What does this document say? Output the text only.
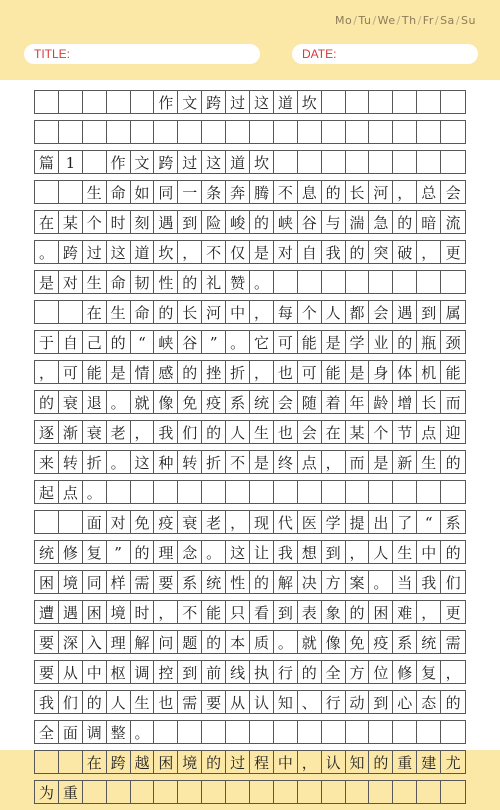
Mo/Tu/We/Th/Fr/Sa/Su
TITLE:	DATE:
作 文 跨 过 这 道 坎
篇 1	作 文 跨 过 这 道 坎
生 命 如 同 一 条 奔 腾 不 息 的 长 河 ， 总 会
在 某 个 时 刻 遇 到 险 峻 的 峡 谷 与 湍 急 的 暗 流
。 跨 过 这 道 坎 ， 不 仅 是 对 自 我 的 突 破 ， 更
是 对 生 命 韧 性 的 礼 赞 。
在 生 命 的 长 河 中 ， 每 个 人 都 会 遇 到 属
于 自 己 的 “ 峡 谷 ” 。 它 可 能 是 学 业 的 瓶 颈
， 可 能 是 情 感 的 挫 折 ， 也 可 能 是 身 体 机 能
的 衰 退 。 就 像 免 疫 系 统 会 随 着 年 龄 增 长 而
逐 渐 衰 老 ， 我 们 的 人 生 也 会 在 某 个 节 点 迎
来 转 折 。 这 种 转 折 不 是 终 点 ， 而 是 新 生 的
起 点 。
面 对 免 疫 衰 老 ， 现 代 医 学 提 出 了 “ 系
统 修 复 ” 的 理 念 。 这 让 我 想 到 ， 人 生 中 的
困 境 同 样 需 要 系 统 性 的 解 决 方 案 。 当 我 们
遭 遇 困 境 时 ， 不 能 只 看 到 表 象 的 困 难 ， 更
要 深 入 理 解 问 题 的 本 质 。 就 像 免 疫 系 统 需
要 从 中 枢 调 控 到 前 线 执 行 的 全 方 位 修 复 ，
我 们 的 人 生 也 需 要 从 认 知 、 行 动 到 心 态 的
全 面 调 整 。
在 跨 越 困 境 的 过 程 中 ， 认 知 的 重 建 尤
为 重
